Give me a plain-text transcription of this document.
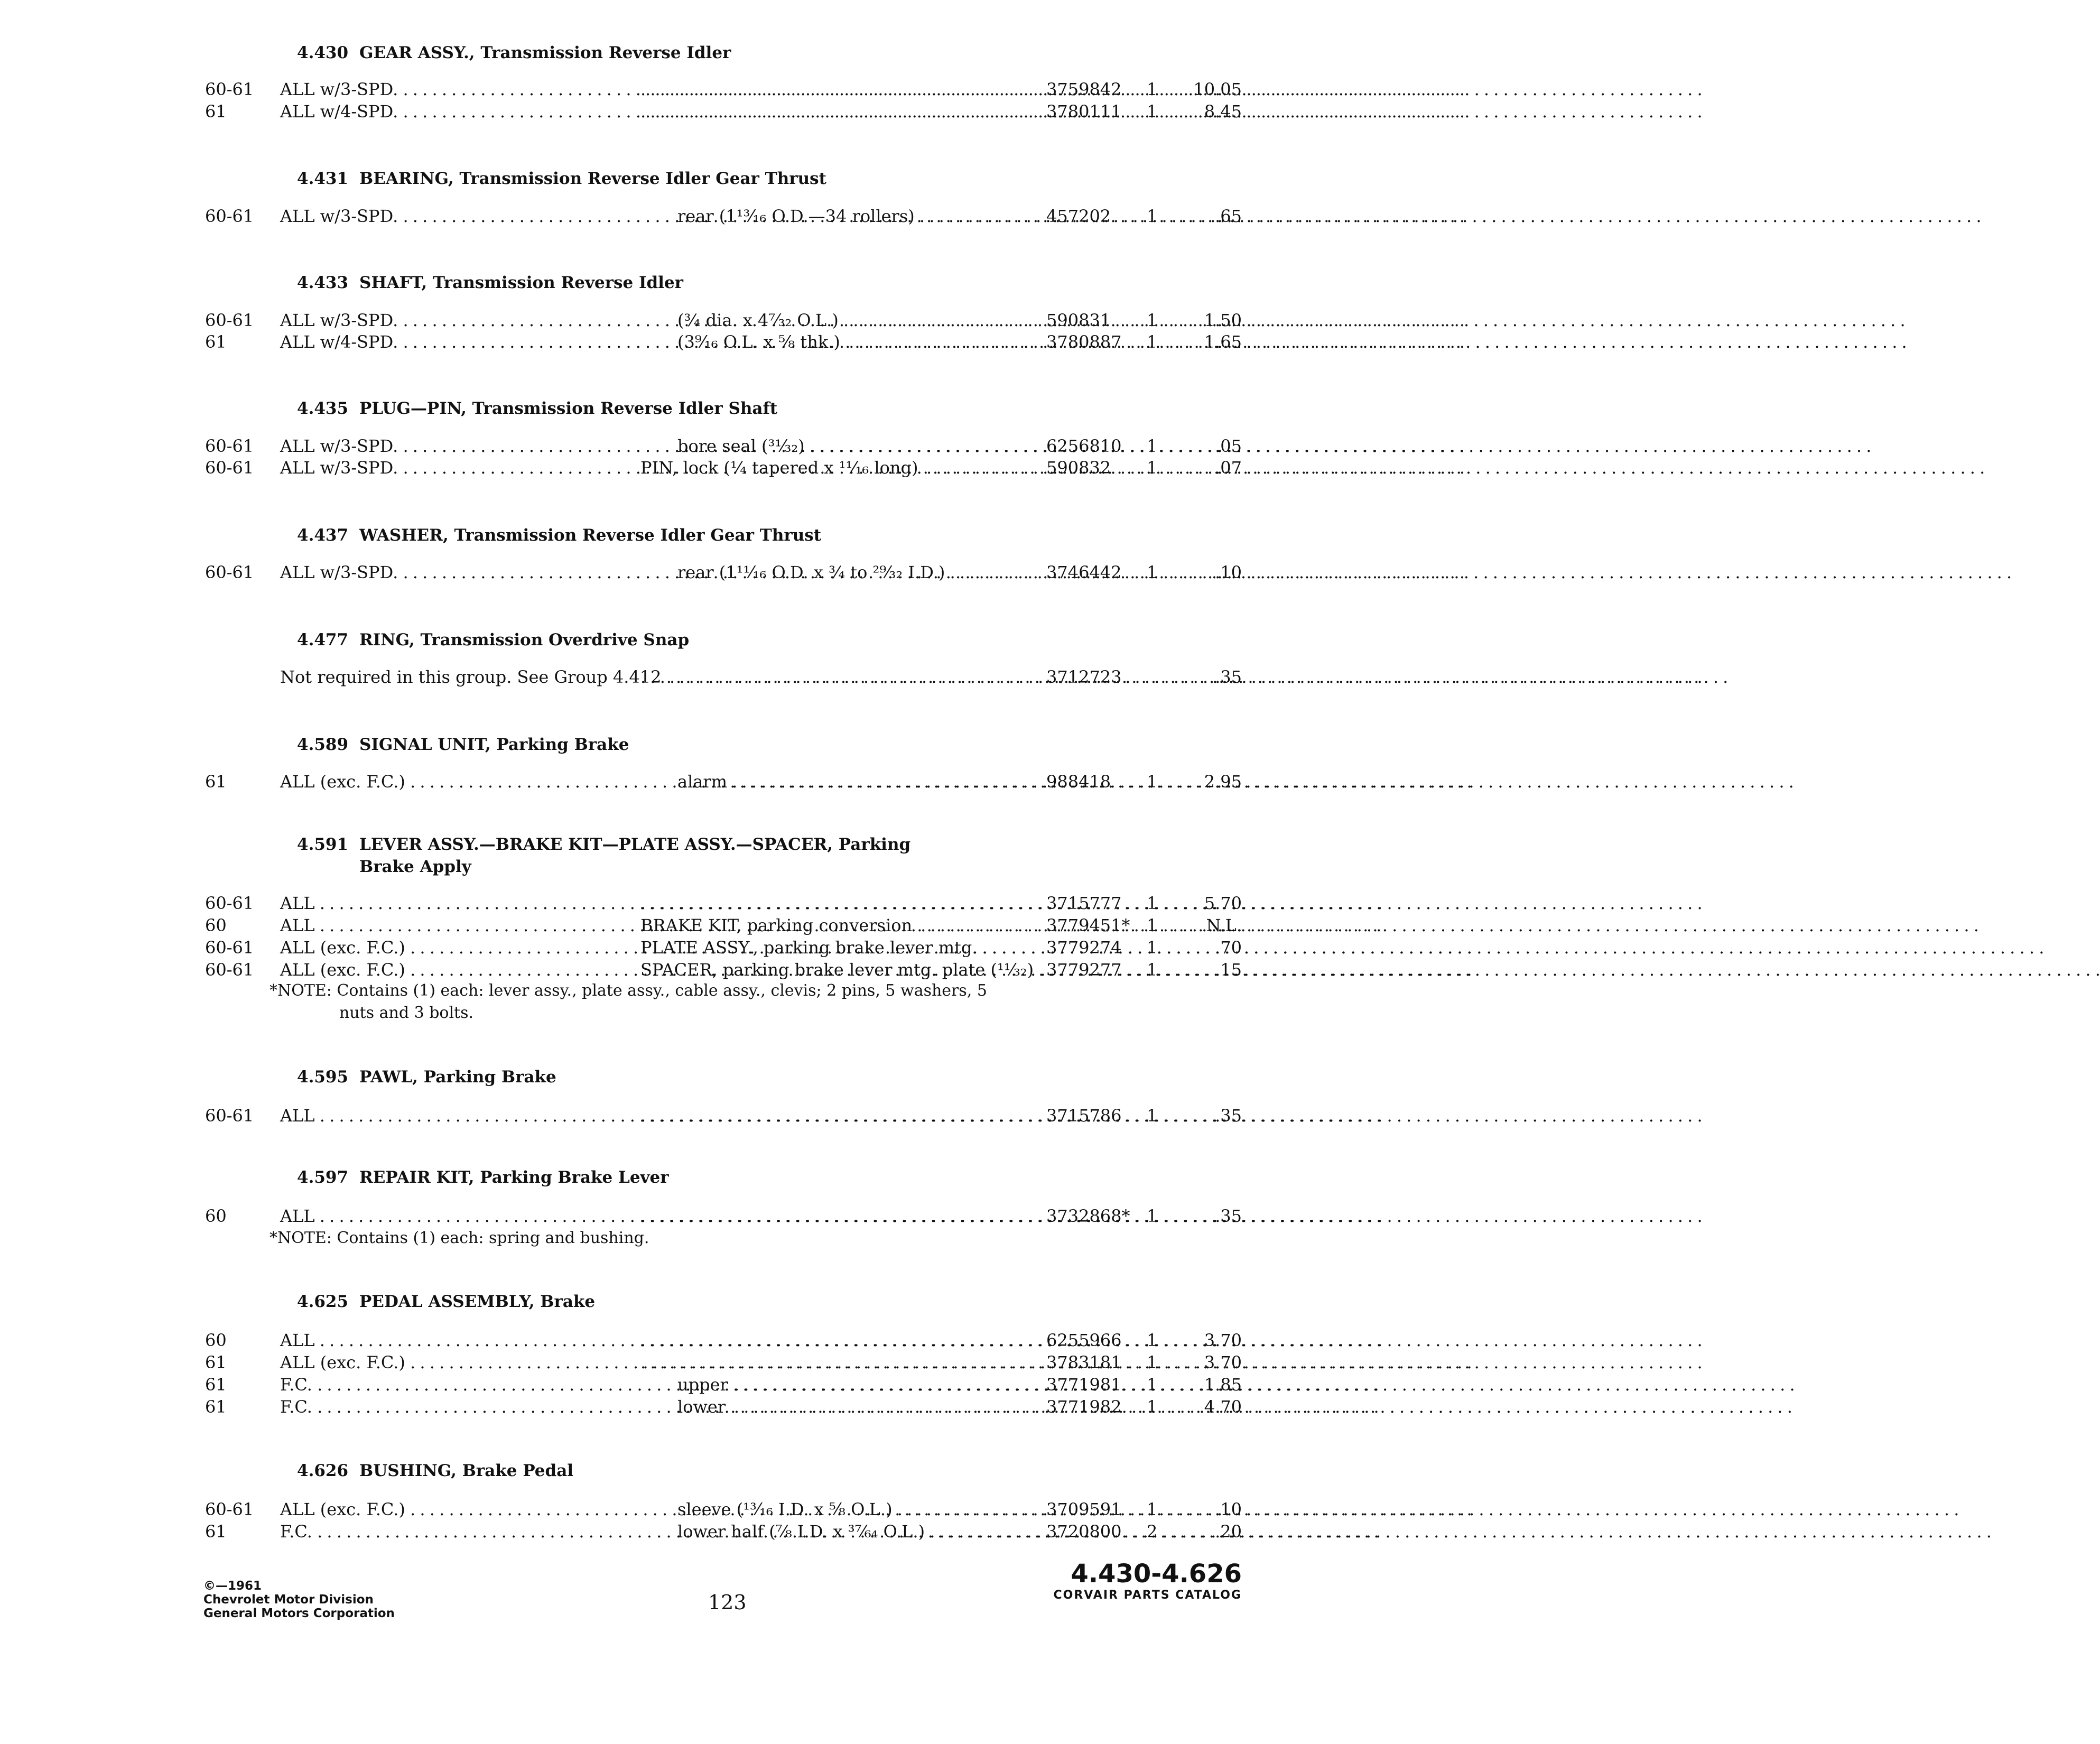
4.430 GEAR ASSY., Transmission Reverse Idler
60-61 ALL w/3-SPD. . . . . . .	3759842 1 10.05
61	ALL w/4-SPD. . . . . . .	3780111 1	8.45
4.431 BEARING, Transmission Reverse Idler Gear Thrust
60-61 ALL w/3-SPD. . . .	rear (1¹³⁄₁₆ O.D.—34 rollers) . . .	457202 1	.65
4.433 SHAFT, Transmission Reverse Idler
60-61 ALL w/3-SPD. . . .	(¾ dia. x 4⁷⁄₃₂ O.L.) . . .	590831 1	1.50
61	ALL w/4-SPD. . . .	(3⁹⁄₁₆ O.L. x ⅝ thk.) . . .	3780887 1	1.65
4.435 PLUG—PIN, Transmission Reverse Idler Shaft
60-61 ALL w/3-SPD. . . .	bore seal (³¹⁄₃₂) . . .	6256810 1	.05
60-61 ALL w/3-SPD. . . .	PIN, lock (¼ tapered x ¹¹⁄₁₆ long) . . .	590832 1	.07
4.437 WASHER, Transmission Reverse Idler Gear Thrust
60-61 ALL w/3-SPD. . . .	rear (1¹¹⁄₁₆ O.D. x ¾ to ²⁹⁄₃₂ I.D.) . . .	3746442 1	.10
4.477 RING, Transmission Overdrive Snap
Not required in this group. See Group 4.412 . . . . . .	3712723	.35
4.589 SIGNAL UNIT, Parking Brake
61	ALL (exc. F.C.) . . .	alarm . . .	988418 1	2.95
4.591 LEVER ASSY.—BRAKE KIT—PLATE ASSY.—SPACER, Parking
Brake Apply
60-61 ALL . . . . . .	3715777 1	5.70
60	ALL . . .	BRAKE KIT, parking conversion . . .	3779451* 1	N.L.
60-61 ALL (exc. F.C.) . . .	PLATE ASSY., parking brake lever mtg. . . .	3779274 1	.70
60-61 ALL (exc. F.C.) . . .	SPACER, parking brake lever mtg. plate (¹¹⁄₃₂) . . . 3779277 1	.15
*NOTE: Contains (1) each: lever assy., plate assy., cable assy., clevis; 2 pins, 5 washers, 5
nuts and 3 bolts.
4.595 PAWL, Parking Brake
60-61 ALL . . . . . .	3715786 1	.35
4.597 REPAIR KIT, Parking Brake Lever
60	ALL . . . . . .	3732868* 1	.35
*NOTE: Contains (1) each: spring and bushing.
4.625 PEDAL ASSEMBLY, Brake
60	ALL . . . . . .	6255966 1	3.70
61	ALL (exc. F.C.) . . . . . .	3783181 1	3.70
61	F.C. . . .	upper . . .	3771981 1	1.85
61	F.C. . . .	lower . . .	3771982 1	4.70
4.626 BUSHING, Brake Pedal
60-61 ALL (exc. F.C.) . . .	sleeve (¹³⁄₁₆ I.D. x ⅝ O.L.) . . .	3709591 1	.10
61	F.C. . . .	lower half (⅞ I.D. x ³⁷⁄₆₄ O.L.) . . .	3720800 2	.20
©—1961
Chevrolet Motor Division
General Motors Corporation	123
4.430-4.626
CORVAIR PARTS CATALOG
